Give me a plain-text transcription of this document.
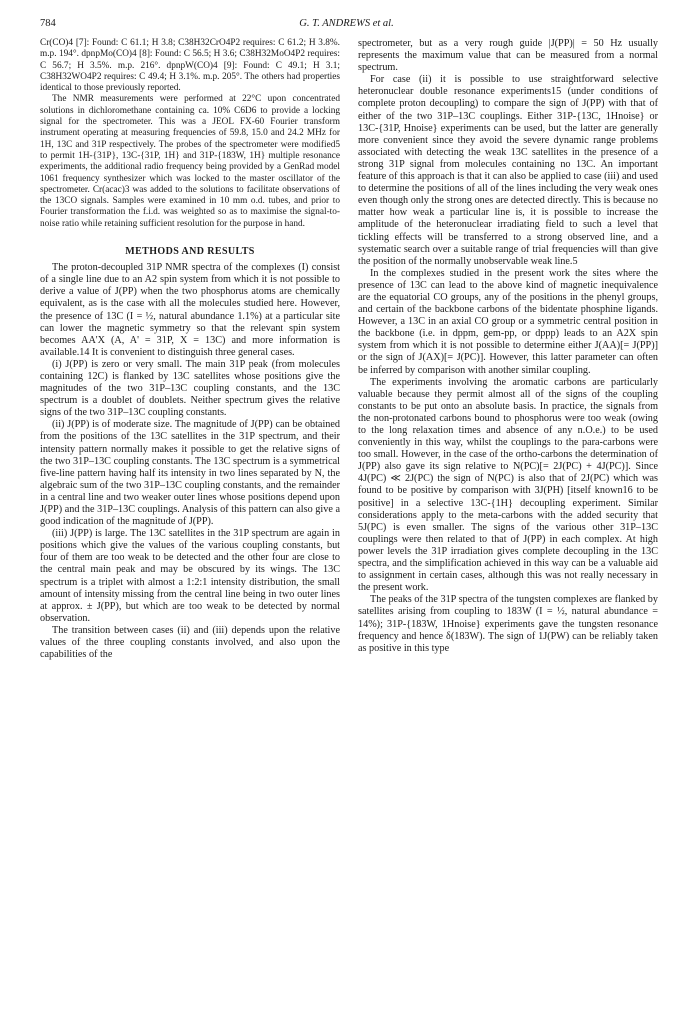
784	G. T. ANDREWS et al.

Cr(CO)4 [7]: Found: C 61.1; H 3.8; C38H32CrO4P2 requires: C 61.2; H 3.8%. m.p. 194°. dpnpMo(CO)4 [8]: Found: C 56.5; H 3.6; C38H32MoO4P2 requires: C 56.7; H 3.5%. m.p. 216°. dpnpW(CO)4 [9]: Found: C 49.1; H 3.1; C38H32WO4P2 requires: C 49.4; H 3.1%. m.p. 205°. The others had properties identical to those previously reported.

The NMR measurements were performed at 22°C upon concentrated solutions in dichloromethane containing ca. 10% C6D6 to provide a locking signal for the spectrometer. This was a JEOL FX-60 Fourier transform instrument operating at measuring frequencies of 59.8, 15.0 and 24.2 MHz for 1H, 13C and 31P respectively. The probes of the spectrometer were modified5 to permit 1H-{31P}, 13C-{31P, 1H} and 31P-{183W, 1H} multiple resonance experiments, the additional radio frequency being provided by a GenRad model 1061 frequency synthesizer which was locked to the master oscillator of the spectrometer. Cr(acac)3 was added to the solutions to facilitate observations of the 13CO signals. Samples were examined in 10 mm o.d. tubes, and prior to Fourier transformation the f.i.d. was weighted so as to maximise the signal-to-noise ratio while retaining sufficient resolution for the purpose in hand.

METHODS AND RESULTS

The proton-decoupled 31P NMR spectra of the complexes (I) consist of a single line due to an A2 spin system from which it is not possible to derive a value of J(PP) when the two phosphorus atoms are chemically equivalent, as is the case with all the molecules studied here. However, the presence of 13C (I = ½, natural abundance 1.1%) at a particular site can lower the magnetic symmetry so that the relevant spin system becomes AA'X (A, A' = 31P, X = 13C) and more information is available.14 It is convenient to distinguish three general cases.

(i) J(PP) is zero or very small. The main 31P peak (from molecules containing 12C) is flanked by 13C satellites whose positions give the magnitudes of the two 31P–13C coupling constants, and the 13C spectrum is a doublet of doublets. Neither spectrum gives the relative signs of the two 31P–13C coupling constants.

(ii) J(PP) is of moderate size. The magnitude of J(PP) can be obtained from the positions of the 13C satellites in the 31P spectrum, and their intensity pattern normally makes it possible to get the relative signs of the two 31P–13C coupling constants. The 13C spectrum is a symmetrical five-line pattern having half its intensity in two lines separated by N, the algebraic sum of the two 31P–13C coupling constants, and the remainder in a central line and two weaker outer lines whose positions depend upon J(PP) and the 31P–13C couplings. Analysis of this pattern can also give a good indication of the magnitude of J(PP).

(iii) J(PP) is large. The 13C satellites in the 31P spectrum are again in positions which give the values of the various coupling constants, but four of them are too weak to be detected and the other four are close to the central main peak and may be obscured by its wings. The 13C spectrum is a triplet with almost a 1:2:1 intensity distribution, the small amount of intensity missing from the central line being in two outer lines at approx. ± J(PP), but which are too weak to be detected by normal observation.

The transition between cases (ii) and (iii) depends upon the relative values of the three coupling constants involved, and also upon the capabilities of the

spectrometer, but as a very rough guide |J(PP)| = 50 Hz usually represents the maximum value that can be measured from a normal spectrum.

For case (ii) it is possible to use straightforward selective heteronuclear double resonance experiments15 (under conditions of complete proton decoupling) to compare the sign of J(PP) with that of either of the two 31P–13C couplings. Either 31P-{13C, 1Hnoise} or 13C-{31P, Hnoise} experiments can be used, but the latter are generally more convenient since they avoid the severe dynamic range problems associated with detecting the weak 13C satellites in the presence of a strong 31P signal from molecules containing no 13C. An important feature of this approach is that it can also be applied to case (iii) and used to determine the positions of all of the lines including the very weak ones even though only the strong ones are detected directly. This is because no matter how weak a particular line is, it is possible to increase the amplitude of the heteronuclear irradiating field to such a level that tickling effects will be transferred to a strong observed line, and a systematic search over a suitable range of trial frequencies will than give the position of the normally unobservable weak line.5

In the complexes studied in the present work the sites where the presence of 13C can lead to the above kind of magnetic inequivalence are the equatorial CO groups, any of the positions in the phenyl groups, and certain of the backbone carbons of the bidentate phosphine ligands. However, a 13C in an axial CO group or a symmetric central position in the backbone (i.e. in dppm, gem-pp, or dppp) leads to an A2X spin system from which it is not possible to determine either J(AA)[= J(PP)] or the sign of J(AX)[= J(PC)]. However, this latter parameter can often be inferred by comparison with another similar coupling.

The experiments involving the aromatic carbons are particularly valuable because they permit almost all of the signs of the coupling constants to be put onto an absolute basis. In practice, the signals from the non-protonated carbons bound to phosphorus were too weak (owing to the long relaxation times and absence of any n.O.e.) to be used conveniently in this way, whilst the couplings to the para-carbons were too small. However, in the case of the ortho-carbons the determination of J(PP) also gave its sign relative to N(PC)[= 2J(PC) + 4J(PC)]. Since 4J(PC) ≪ 2J(PC) the sign of N(PC) is also that of 2J(PC) which was found to be positive by comparison with 3J(PH) [itself known16 to be positive] in a selective 13C-{1H} decoupling experiment. Similar considerations apply to the meta-carbons with the added security that 5J(PC) is even smaller. The signs of the various other 31P–13C couplings were then related to that of J(PP) in each complex. At high power levels the 31P irradiation gives complete decoupling in the 13C spectra, and the simplification achieved in this way can be a valuable aid to assignment in certain cases, although this was not really necessary in the present work.

The peaks of the 31P spectra of the tungsten complexes are flanked by satellites arising from coupling to 183W (I = ½, natural abundance = 14%); 31P-{183W, 1Hnoise} experiments gave the tungsten resonance frequency and hence δ(183W). The sign of 1J(PW) can be reliably taken as positive in this type
